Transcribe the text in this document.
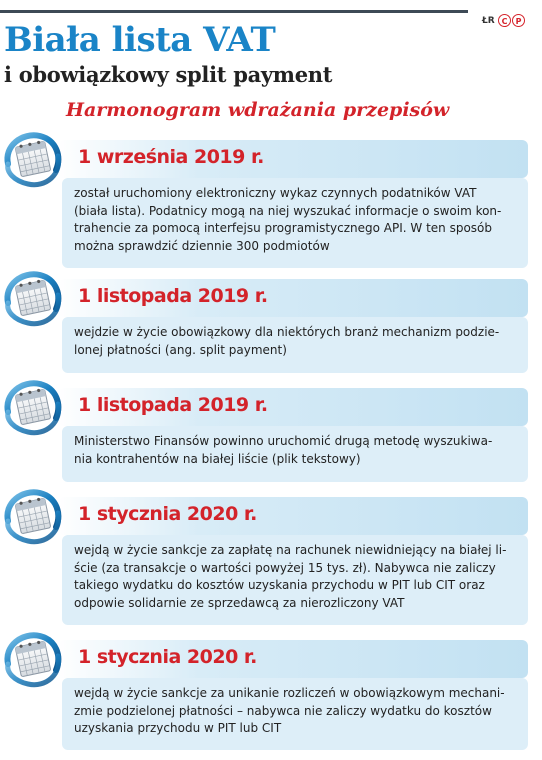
ŁR C	P
Biała lista VAT
i obowiązkowy split payment
Harmonogram wdrażania przepisów

został uruchomiony elektroniczny wykaz czynnych podatników VAT
(biała lista). Podatnicy mogą na niej wyszukać informacje o swoim kon-
trahencie za pomocą interfejsu programistycznego API. W ten sposób
można sprawdzić dziennie 300 podmiotów

1 września 2019 r.

wejdzie w życie obowiązkowy dla niektórych branż mechanizm podzie-
lonej płatności (ang. split payment)

1 listopada 2019 r.

Ministerstwo Finansów powinno uruchomić drugą metodę wyszukiwa-
nia kontrahentów na białej liście (plik tekstowy)

1 listopada 2019 r.

wejdą w życie sankcje za zapłatę na rachunek niewidniejący na białej li-
ście (za transakcje o wartości powyżej 15 tys. zł). Nabywca nie zaliczy
takiego wydatku do kosztów uzyskania przychodu w PIT lub CIT oraz
odpowie solidarnie ze sprzedawcą za nierozliczony VAT

1 stycznia 2020 r.

wejdą w życie sankcje za unikanie rozliczeń w obowiązkowym mechani-
zmie podzielonej płatności – nabywca nie zaliczy wydatku do kosztów
uzyskania przychodu w PIT lub CIT

1 stycznia 2020 r.
